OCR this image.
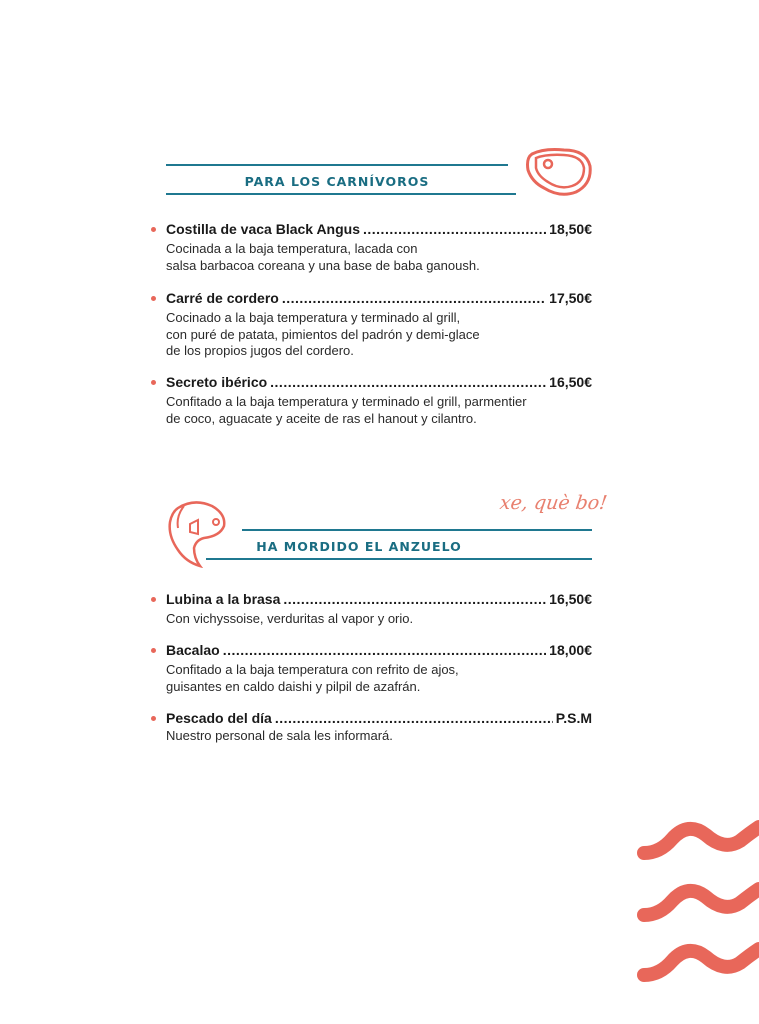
PARA LOS CARNÍVOROS
Costilla de vaca Black Angus .....	18,50€
Cocinada a la baja temperatura, lacada con
salsa barbacoa coreana y una base de baba ganoush.
Carré de cordero .....	17,50€
Cocinado a la baja temperatura y terminado al grill,
con puré de patata, pimientos del padrón y demi-glace
de los propios jugos del cordero.
Secreto ibérico .....	16,50€
Confitado a la baja temperatura y terminado el grill, parmentier
de coco, aguacate y aceite de ras el hanout y cilantro.
xe, què bo!
HA MORDIDO EL ANZUELO
Lubina a la brasa .....	16,50€
Con vichyssoise, verduritas al vapor y orio.
Bacalao .....	18,00€
Confitado a la baja temperatura con refrito de ajos,
guisantes en caldo daishi y pilpil de azafrán.
Pescado del día .....	P.S.M
Nuestro personal de sala les informará.
